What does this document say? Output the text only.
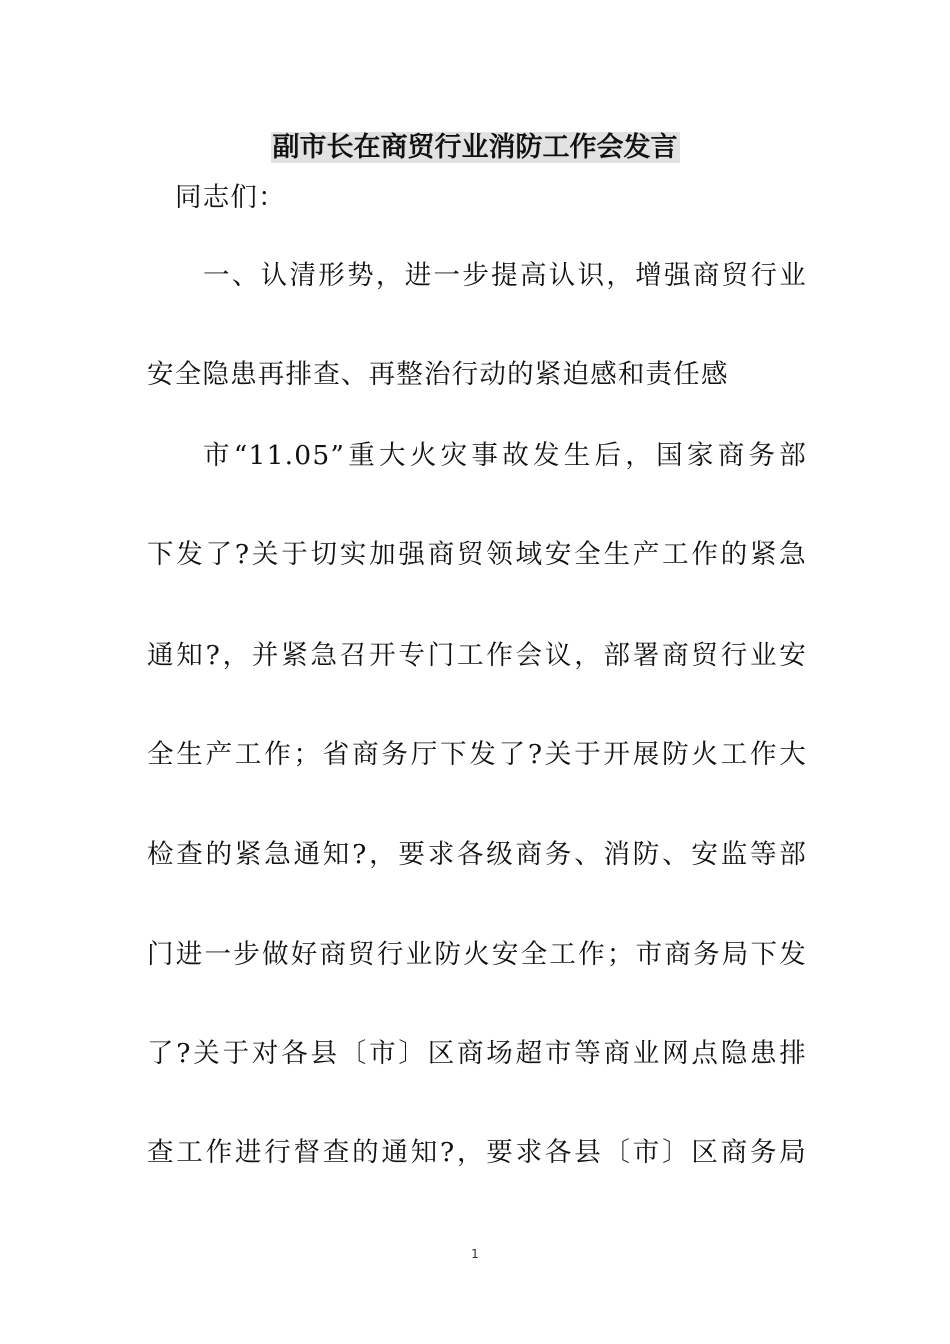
副市长在商贸行业消防工作会发言
同志们：
一、认清形势，进一步提高认识，增强商贸行业
安全隐患再排查、再整治行动的紧迫感和责任感
市“11.05”重大火灾事故发生后，国家商务部
下发了?关于切实加强商贸领域安全生产工作的紧急
通知?，并紧急召开专门工作会议，部署商贸行业安
全生产工作；省商务厅下发了?关于开展防火工作大
检查的紧急通知?，要求各级商务、消防、安监等部
门进一步做好商贸行业防火安全工作；市商务局下发
了?关于对各县〔市〕区商场超市等商业网点隐患排
查工作进行督查的通知?，要求各县〔市〕区商务局
1
